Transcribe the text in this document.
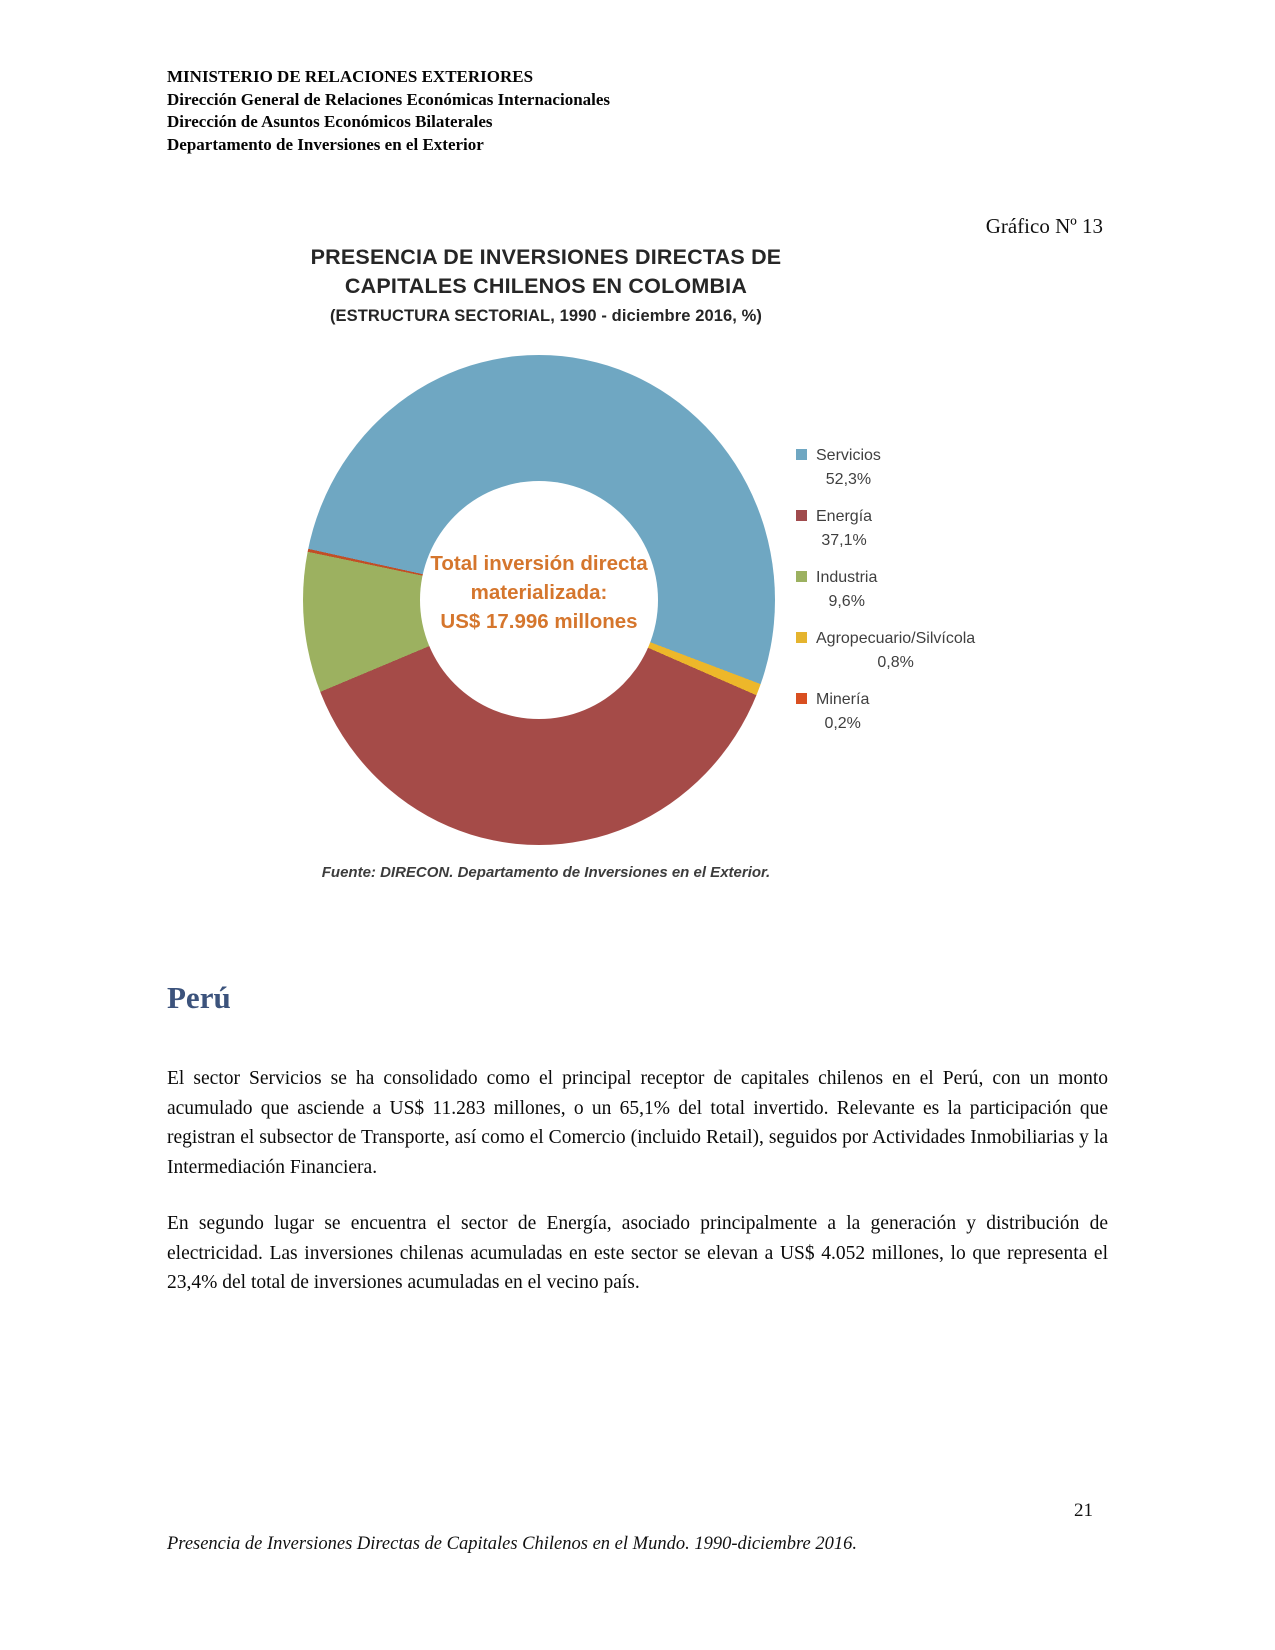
MINISTERIO DE RELACIONES EXTERIORES
Dirección General de Relaciones Económicas Internacionales
Dirección de Asuntos Económicos Bilaterales
Departamento de Inversiones en el Exterior
Gráfico Nº 13
PRESENCIA DE INVERSIONES DIRECTAS DE
CAPITALES CHILENOS EN COLOMBIA
(ESTRUCTURA SECTORIAL, 1990 - diciembre 2016, %)
Total inversión directa
materializada:
US$ 17.996 millones
Servicios
52,3%
Energía
37,1%
Industria
9,6%
Agropecuario/Silvícola
0,8%
Minería
0,2%
Fuente: DIRECON. Departamento de Inversiones en el Exterior.
Perú

El sector Servicios se ha consolidado como el principal receptor de capitales chilenos en el Perú, con un monto acumulado que asciende a US$ 11.283 millones, o un 65,1% del total invertido. Relevante es la participación que registran el subsector de Transporte, así como el Comercio (incluido Retail), seguidos por Actividades Inmobiliarias y la Intermediación Financiera.

En segundo lugar se encuentra el sector de Energía, asociado principalmente a la generación y distribución de electricidad. Las inversiones chilenas acumuladas en este sector se elevan a US$ 4.052 millones, lo que representa el 23,4% del total de inversiones acumuladas en el vecino país.

21
Presencia de Inversiones Directas de Capitales Chilenos en el Mundo. 1990-diciembre 2016.
